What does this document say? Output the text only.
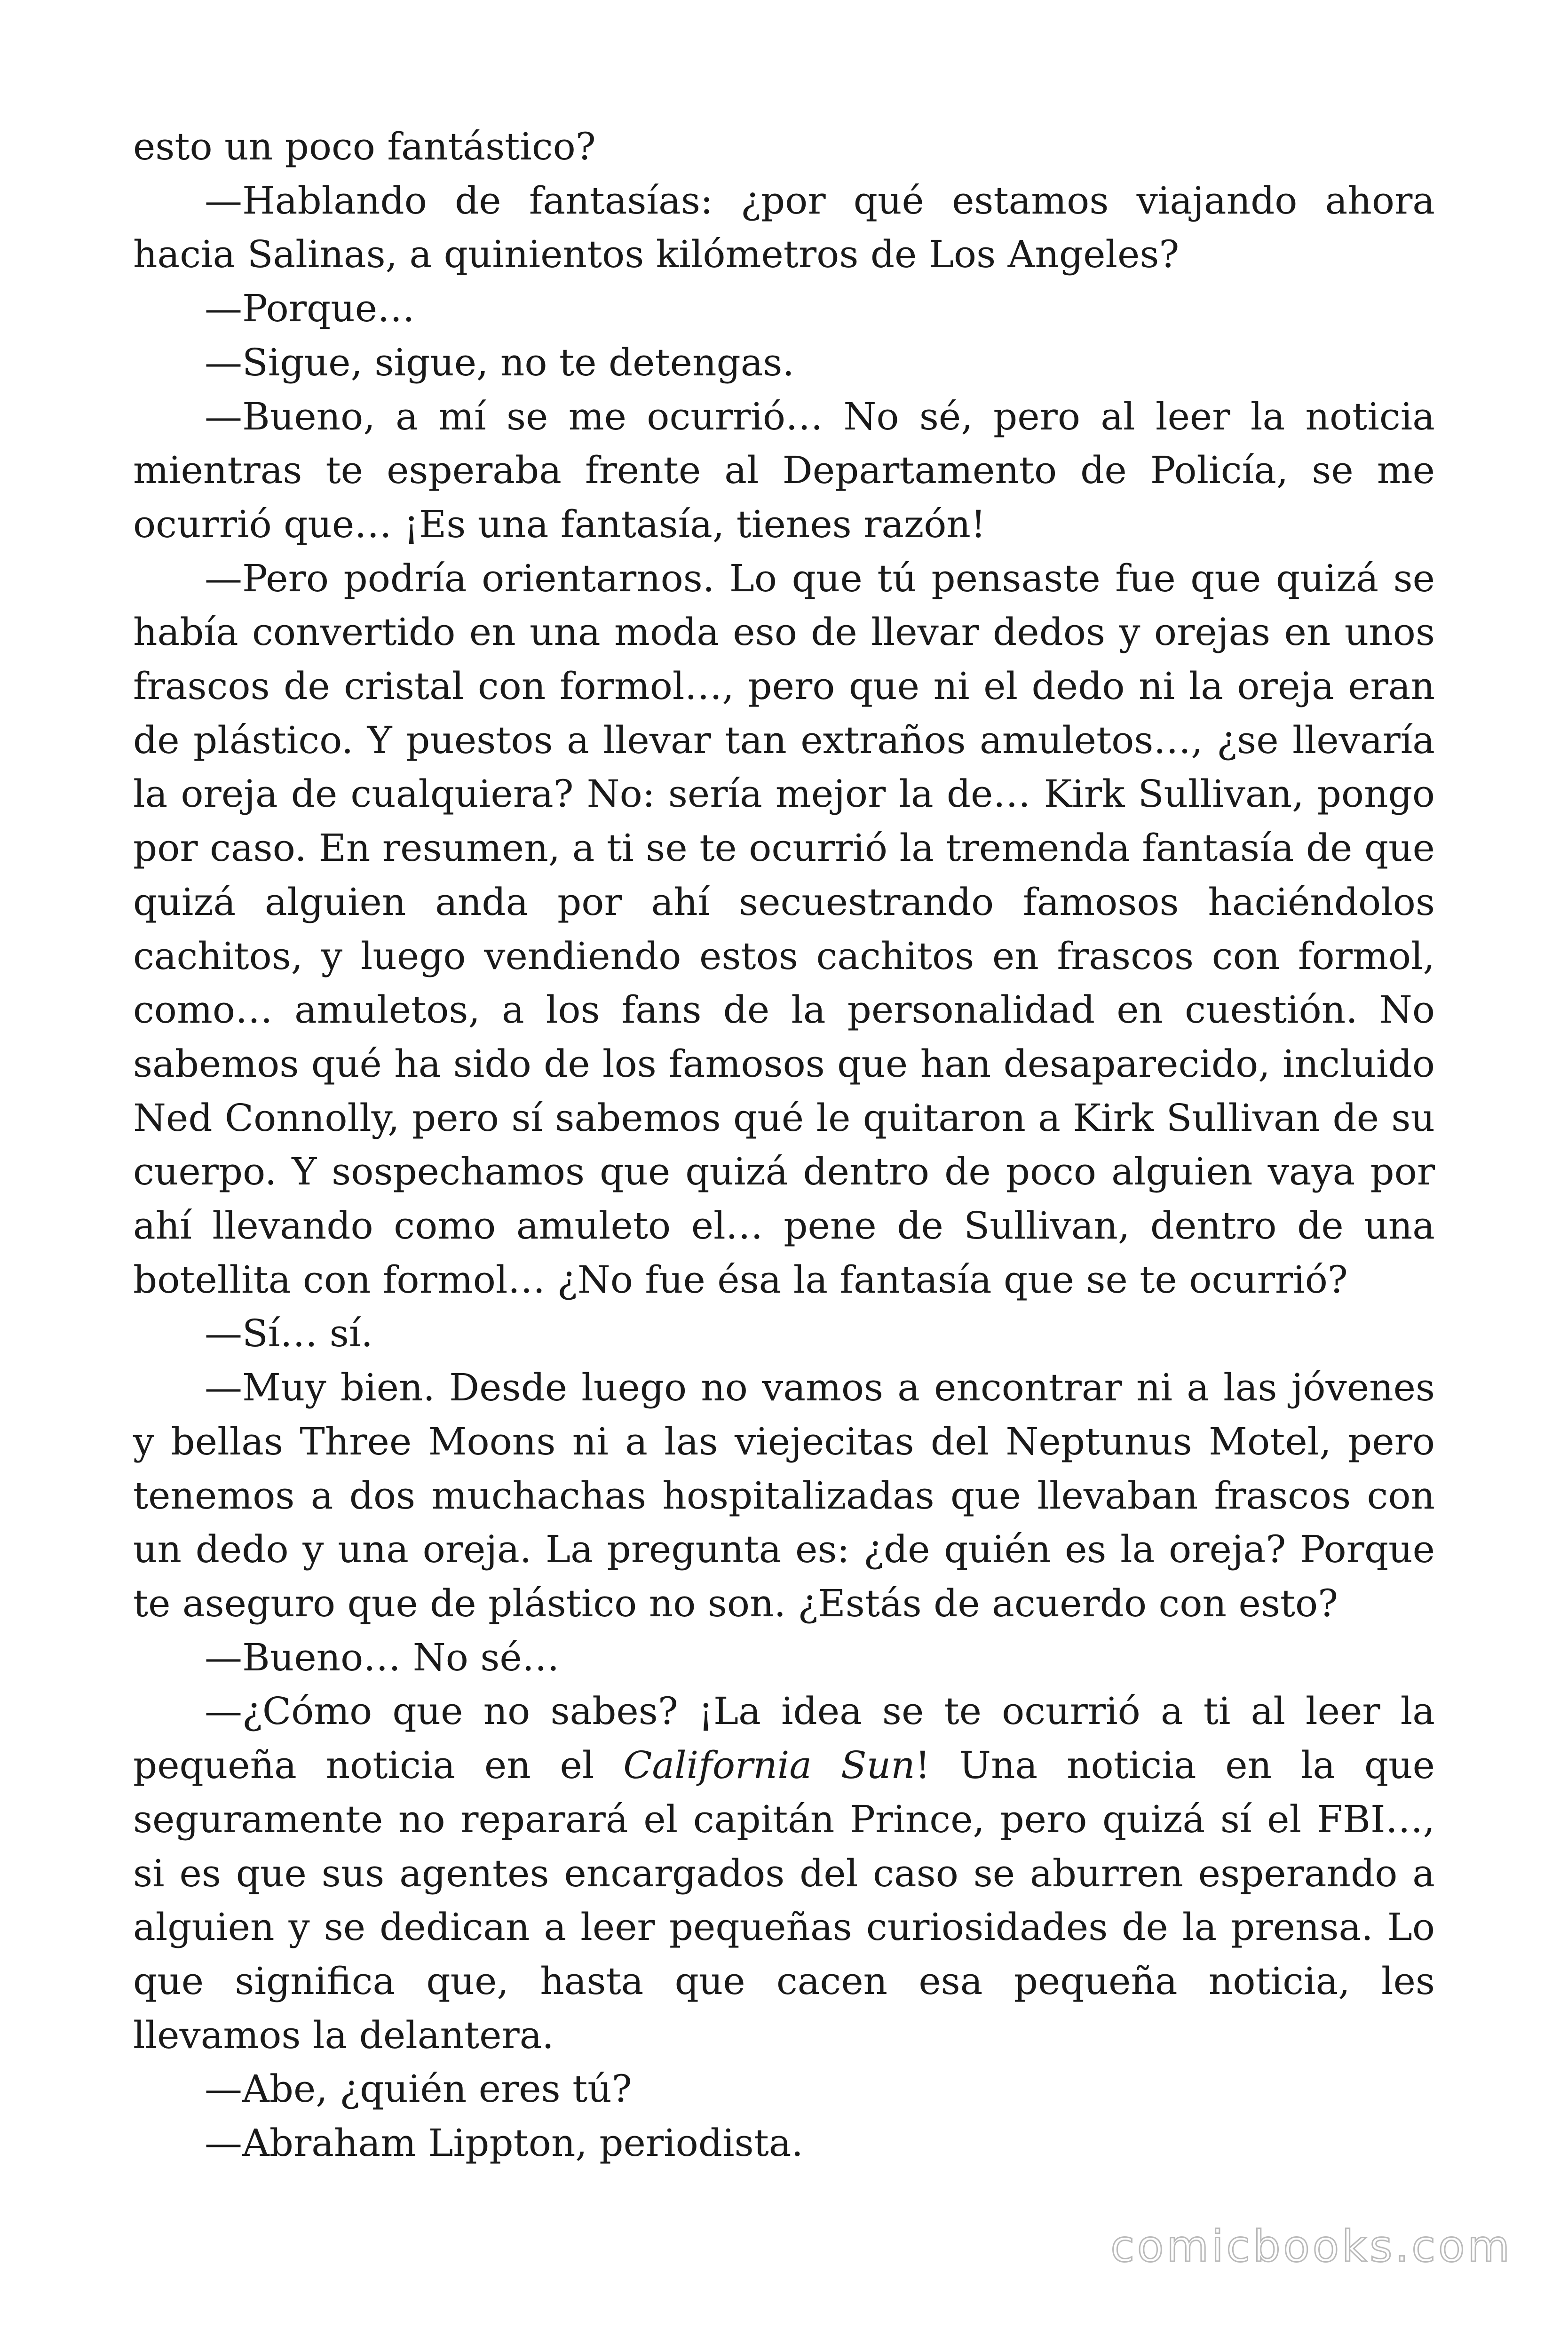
esto un poco fantástico?

—Hablando de fantasías: ¿por qué estamos viajando ahora hacia Salinas, a quinientos kilómetros de Los Angeles?

—Porque…

—Sigue, sigue, no te detengas.

—Bueno, a mí se me ocurrió… No sé, pero al leer la noticia mientras te esperaba frente al Departamento de Policía, se me ocurrió que… ¡Es una fantasía, tienes razón!

—Pero podría orientarnos. Lo que tú pensaste fue que quizá se había convertido en una moda eso de llevar dedos y orejas en unos frascos de cristal con formol…, pero que ni el dedo ni la oreja eran de plástico. Y puestos a llevar tan extraños amuletos…, ¿se llevaría la oreja de cualquiera? No: sería mejor la de… Kirk Sullivan, pongo por caso. En resumen, a ti se te ocurrió la tremenda fantasía de que quizá alguien anda por ahí secuestrando famosos haciéndolos cachitos, y luego vendiendo estos cachitos en frascos con formol, como… amuletos, a los fans de la personalidad en cuestión. No sabemos qué ha sido de los famosos que han desaparecido, incluido Ned Connolly, pero sí sabemos qué le quitaron a Kirk Sullivan de su cuerpo. Y sospechamos que quizá dentro de poco alguien vaya por ahí llevando como amuleto el… pene de Sullivan, dentro de una botellita con formol… ¿No fue ésa la fantasía que se te ocurrió?

—Sí… sí.

—Muy bien. Desde luego no vamos a encontrar ni a las jóvenes y bellas Three Moons ni a las viejecitas del Neptunus Motel, pero tenemos a dos muchachas hospitalizadas que llevaban frascos con un dedo y una oreja. La pregunta es: ¿de quién es la oreja? Porque te aseguro que de plástico no son. ¿Estás de acuerdo con esto?

—Bueno… No sé…

—¿Cómo que no sabes? ¡La idea se te ocurrió a ti al leer la pequeña noticia en el California Sun! Una noticia en la que seguramente no reparará el capitán Prince, pero quizá sí el FBI…, si es que sus agentes encargados del caso se aburren esperando a alguien y se dedican a leer pequeñas curiosidades de la prensa. Lo que significa que, hasta que cacen esa pequeña noticia, les llevamos la delantera.

—Abe, ¿quién eres tú?

—Abraham Lippton, periodista.

comicbooks.com
